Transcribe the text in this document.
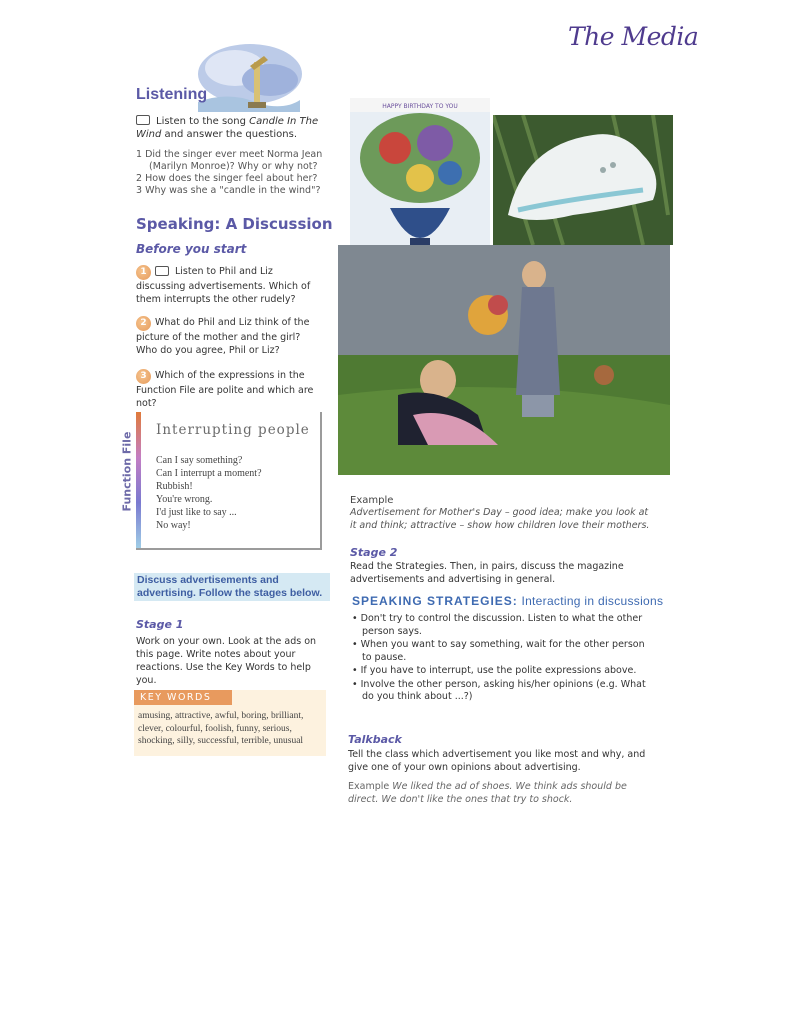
The Media
Listening
Listen to the song Candle In The Wind and answer the questions.
1 Did the singer ever meet Norma Jean (Marilyn Monroe)? Why or why not?
2 How does the singer feel about her?
3 Why was she a "candle in the wind"?
Speaking: A Discussion
Before you start
1	Listen to Phil and Liz discussing advertisements. Which of them interrupts the other rudely?
2 What do Phil and Liz think of the picture of the mother and the girl? Who do you agree, Phil or Liz?
3 Which of the expressions in the Function File are polite and which are not?
Function File
Interrupting people
Can I say something?
Can I interrupt a moment?
Rubbish!
You're wrong.
I'd just like to say ...
No way!
Discuss advertisements and advertising. Follow the stages below.
Stage 1
Work on your own. Look at the ads on this page. Write notes about your reactions. Use the Key Words to help you.
KEY WORDS
amusing, attractive, awful, boring, brilliant, clever, colourful, foolish, funny, serious, shocking, silly, successful, terrible, unusual
HAPPY BIRTHDAY TO YOU
Example
Advertisement for Mother's Day – good idea; make you look at it and think; attractive – show how children love their mothers.
Stage 2
Read the Strategies. Then, in pairs, discuss the magazine advertisements and advertising in general.
SPEAKING STRATEGIES: Interacting in discussions
• Don't try to control the discussion. Listen to what the other person says.
• When you want to say something, wait for the other person to pause.
• If you have to interrupt, use the polite expressions above.
• Involve the other person, asking his/her opinions (e.g. What do you think about ...?)
Talkback
Tell the class which advertisement you like most and why, and give one of your own opinions about advertising.
Example We liked the ad of shoes. We think ads should be direct. We don't like the ones that try to shock.
